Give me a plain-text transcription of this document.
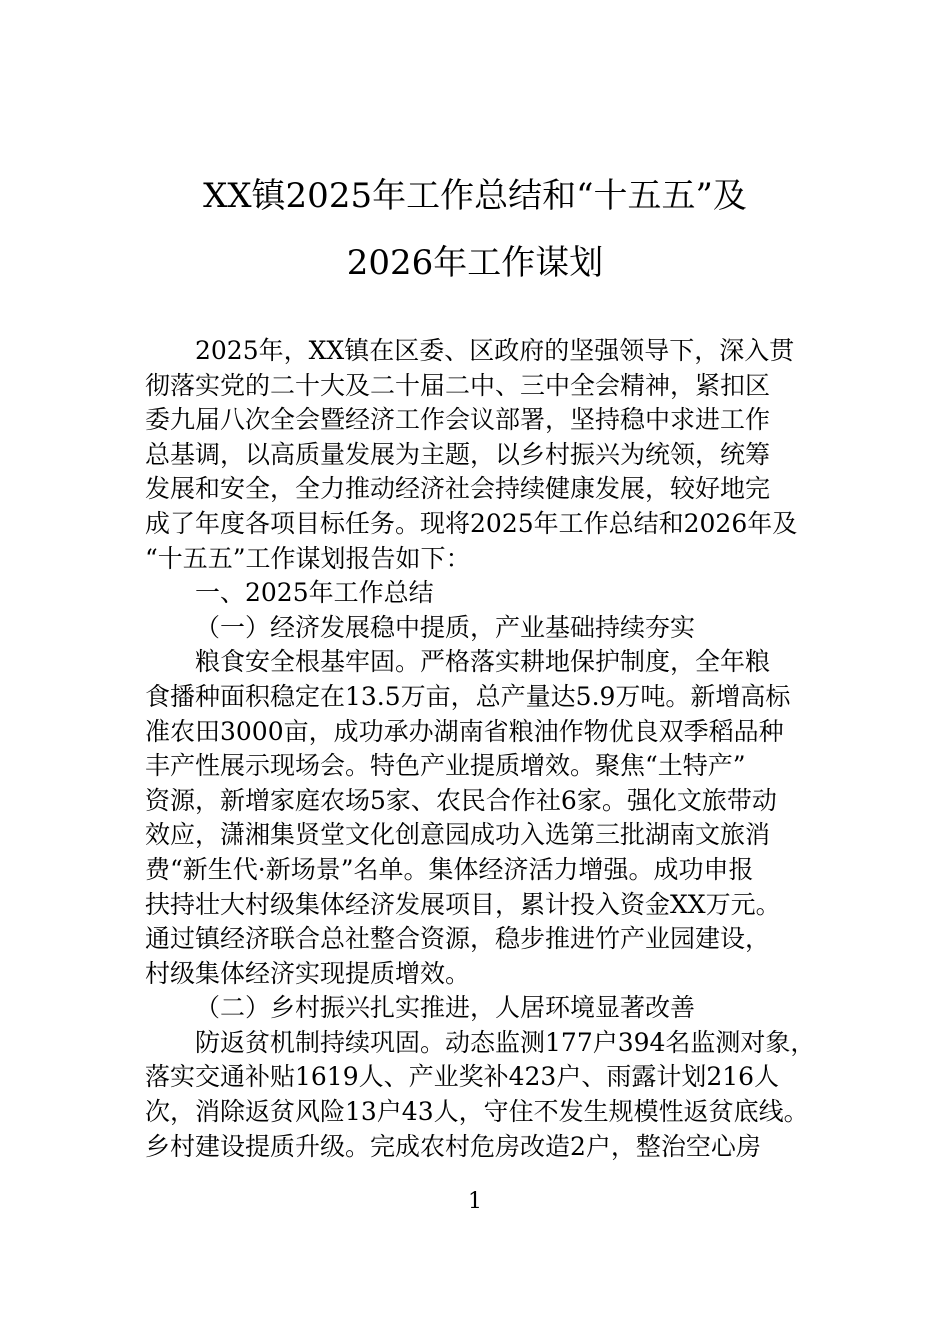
XX镇2025年工作总结和“十五五”及
2026年工作谋划
2025年，XX镇在区委、区政府的坚强领导下，深入贯
彻落实党的二十大及二十届二中、三中全会精神，紧扣区
委九届八次全会暨经济工作会议部署，坚持稳中求进工作
总基调，以高质量发展为主题，以乡村振兴为统领，统筹
发展和安全，全力推动经济社会持续健康发展，较好地完
成了年度各项目标任务。现将2025年工作总结和2026年及
“十五五”工作谋划报告如下：
一、2025年工作总结
（一）经济发展稳中提质，产业基础持续夯实
粮食安全根基牢固。严格落实耕地保护制度，全年粮
食播种面积稳定在13.5万亩，总产量达5.9万吨。新增高标
准农田3000亩，成功承办湖南省粮油作物优良双季稻品种
丰产性展示现场会。特色产业提质增效。聚焦“土特产”
资源，新增家庭农场5家、农民合作社6家。强化文旅带动
效应，潇湘集贤堂文化创意园成功入选第三批湖南文旅消
费“新生代·新场景”名单。集体经济活力增强。成功申报
扶持壮大村级集体经济发展项目，累计投入资金XX万元。
通过镇经济联合总社整合资源，稳步推进竹产业园建设，
村级集体经济实现提质增效。
（二）乡村振兴扎实推进，人居环境显著改善
防返贫机制持续巩固。动态监测177户394名监测对象，
落实交通补贴1619人、产业奖补423户、雨露计划216人
次，消除返贫风险13户43人，守住不发生规模性返贫底线。
乡村建设提质升级。完成农村危房改造2户，整治空心房
1
